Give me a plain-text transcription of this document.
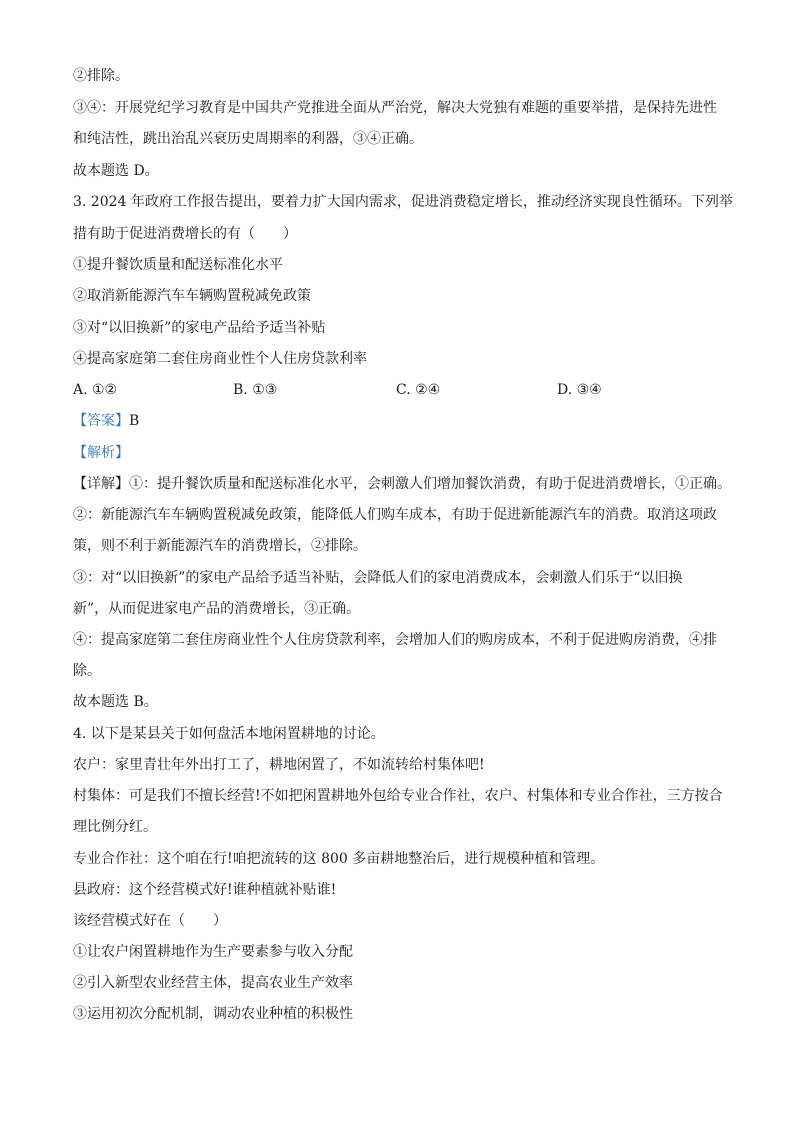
②排除。
③④：开展党纪学习教育是中国共产党推进全面从严治党，解决大党独有难题的重要举措，是保持先进性
和纯洁性，跳出治乱兴衰历史周期率的利器，③④正确。
故本题选 D。
3. 2024 年政府工作报告提出，要着力扩大国内需求，促进消费稳定增长，推动经济实现良性循环。下列举
措有助于促进消费增长的有（　　）
①提升餐饮质量和配送标准化水平
②取消新能源汽车车辆购置税减免政策
③对“以旧换新”的家电产品给予适当补贴
④提高家庭第二套住房商业性个人住房贷款利率
A. ①②	B. ①③	C. ②④	D. ③④
【答案】B
【解析】
【详解】①：提升餐饮质量和配送标准化水平，会刺激人们增加餐饮消费，有助于促进消费增长，①正确。
②：新能源汽车车辆购置税减免政策，能降低人们购车成本，有助于促进新能源汽车的消费。取消这项政
策，则不利于新能源汽车的消费增长，②排除。
③：对“以旧换新”的家电产品给予适当补贴，会降低人们的家电消费成本，会刺激人们乐于“以旧换
新”，从而促进家电产品的消费增长，③正确。
④：提高家庭第二套住房商业性个人住房贷款利率，会增加人们的购房成本，不利于促进购房消费，④排
除。
故本题选 B。
4. 以下是某县关于如何盘活本地闲置耕地的讨论。
农户：家里青壮年外出打工了，耕地闲置了，不如流转给村集体吧!
村集体：可是我们不擅长经营!不如把闲置耕地外包给专业合作社，农户、村集体和专业合作社，三方按合
理比例分红。
专业合作社：这个咱在行!咱把流转的这 800 多亩耕地整治后，进行规模种植和管理。
县政府：这个经营模式好!谁种植就补贴谁!
该经营模式好在（　　）
①让农户闲置耕地作为生产要素参与收入分配
②引入新型农业经营主体，提高农业生产效率
③运用初次分配机制，调动农业种植的积极性
